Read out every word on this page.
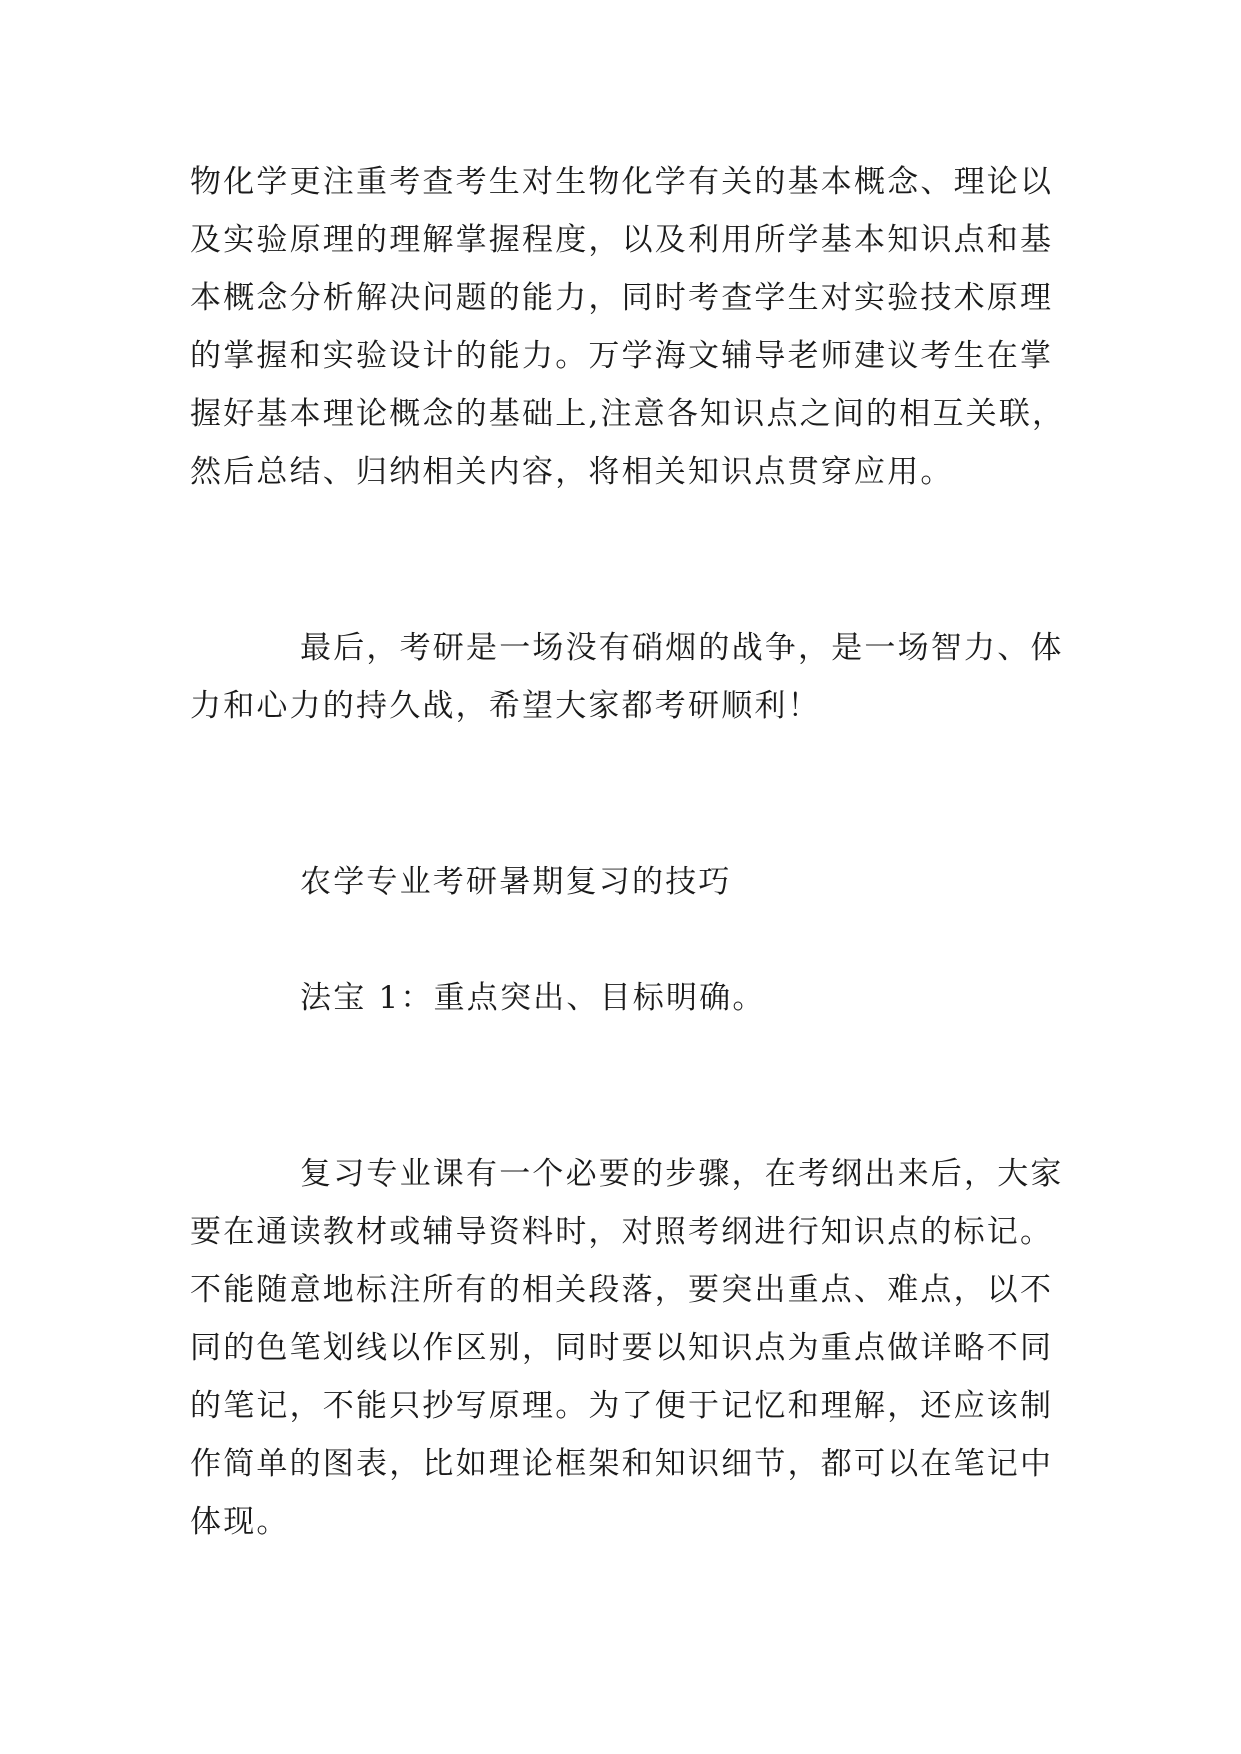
物化学更注重考查考生对生物化学有关的基本概念、理论以
及实验原理的理解掌握程度，以及利用所学基本知识点和基
本概念分析解决问题的能力，同时考查学生对实验技术原理
的掌握和实验设计的能力。万学海文辅导老师建议考生在掌
握好基本理论概念的基础上,注意各知识点之间的相互关联，
然后总结、归纳相关内容，将相关知识点贯穿应用。
最后，考研是一场没有硝烟的战争，是一场智力、体
力和心力的持久战，希望大家都考研顺利！
农学专业考研暑期复习的技巧
法宝 1：重点突出、目标明确。
复习专业课有一个必要的步骤，在考纲出来后，大家
要在通读教材或辅导资料时，对照考纲进行知识点的标记。
不能随意地标注所有的相关段落，要突出重点、难点，以不
同的色笔划线以作区别，同时要以知识点为重点做详略不同
的笔记，不能只抄写原理。为了便于记忆和理解，还应该制
作简单的图表，比如理论框架和知识细节，都可以在笔记中
体现。
